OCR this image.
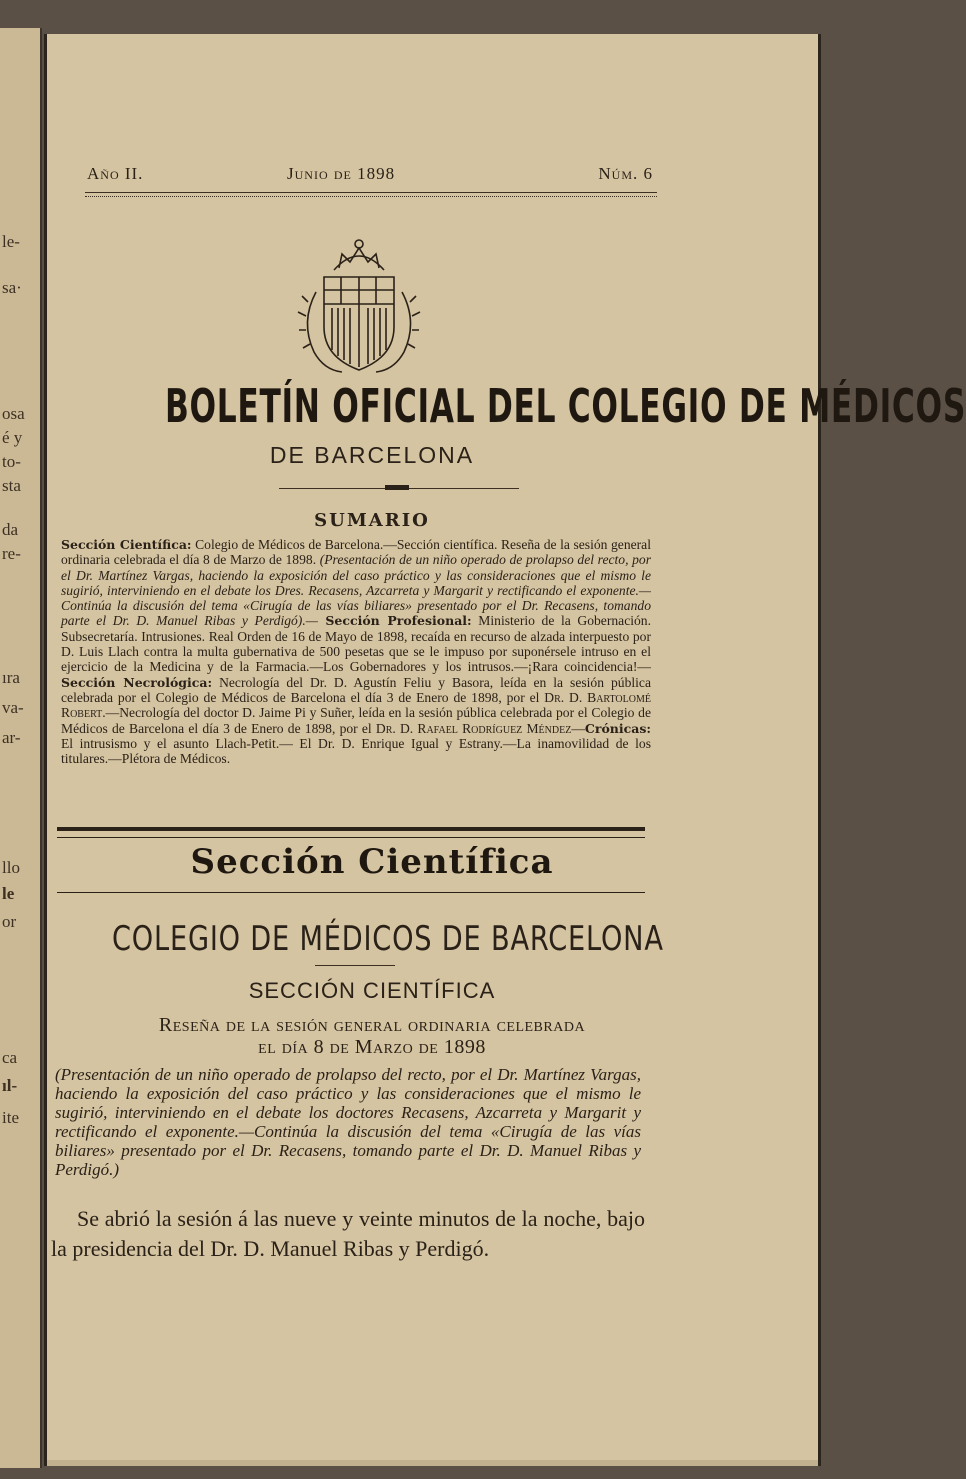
le-
sa·
osa
é y
to-
sta
da
re-
ıra
va-
ar-
llo
le
or
ca
ıl-
ite
Año II.	Junio de 1898	Núm. 6
BOLETÍN OFICIAL DEL COLEGIO DE MÉDICOS
DE BARCELONA
SUMARIO
Sección Científica: Colegio de Médicos de Barcelona.—Sección científica. Reseña de la sesión general ordinaria celebrada el día 8 de Marzo de 1898. (Presentación de un niño operado de prolapso del recto, por el Dr. Martínez Vargas, haciendo la exposición del caso práctico y las consideraciones que el mismo le sugirió, interviniendo en el debate los Dres. Recasens, Azcarreta y Margarit y rectificando el exponente.—Continúa la discusión del tema «Cirugía de las vías biliares» presentado por el Dr. Recasens, tomando parte el Dr. D. Manuel Ribas y Perdigó).— Sección Profesional: Ministerio de la Gobernación. Subsecretaría. Intrusiones. Real Orden de 16 de Mayo de 1898, recaída en recurso de alzada interpuesto por D. Luis Llach contra la multa gubernativa de 500 pesetas que se le impuso por suponérsele intruso en el ejercicio de la Medicina y de la Farmacia.—Los Gobernadores y los intrusos.—¡Rara coincidencia!—Sección Necrológica: Necrología del Dr. D. Agustín Feliu y Basora, leída en la sesión pública celebrada por el Colegio de Médicos de Barcelona el día 3 de Enero de 1898, por el Dr. D. Bartolomé Robert.—Necrología del doctor D. Jaime Pi y Suñer, leída en la sesión pública celebrada por el Colegio de Médicos de Barcelona el día 3 de Enero de 1898, por el Dr. D. Rafael Rodríguez Méndez—Crónicas: El intrusismo y el asunto Llach-Petit.— El Dr. D. Enrique Igual y Estrany.—La inamovilidad de los titulares.—Plétora de Médicos.
Sección Científica
COLEGIO DE MÉDICOS DE BARCELONA
SECCIÓN CIENTÍFICA
Reseña de la sesión general ordinaria celebrada
el día 8 de Marzo de 1898
(Presentación de un niño operado de prolapso del recto, por el Dr. Martínez Vargas, haciendo la exposición del caso práctico y las consideraciones que el mismo le sugirió, interviniendo en el debate los doctores Recasens, Azcarreta y Margarit y rectificando el exponente.—Continúa la discusión del tema «Cirugía de las vías biliares» presentado por el Dr. Recasens, tomando parte el Dr. D. Manuel Ribas y Perdigó.)
Se abrió la sesión á las nueve y veinte minutos de la noche, bajo la presidencia del Dr. D. Manuel Ribas y Perdigó.
